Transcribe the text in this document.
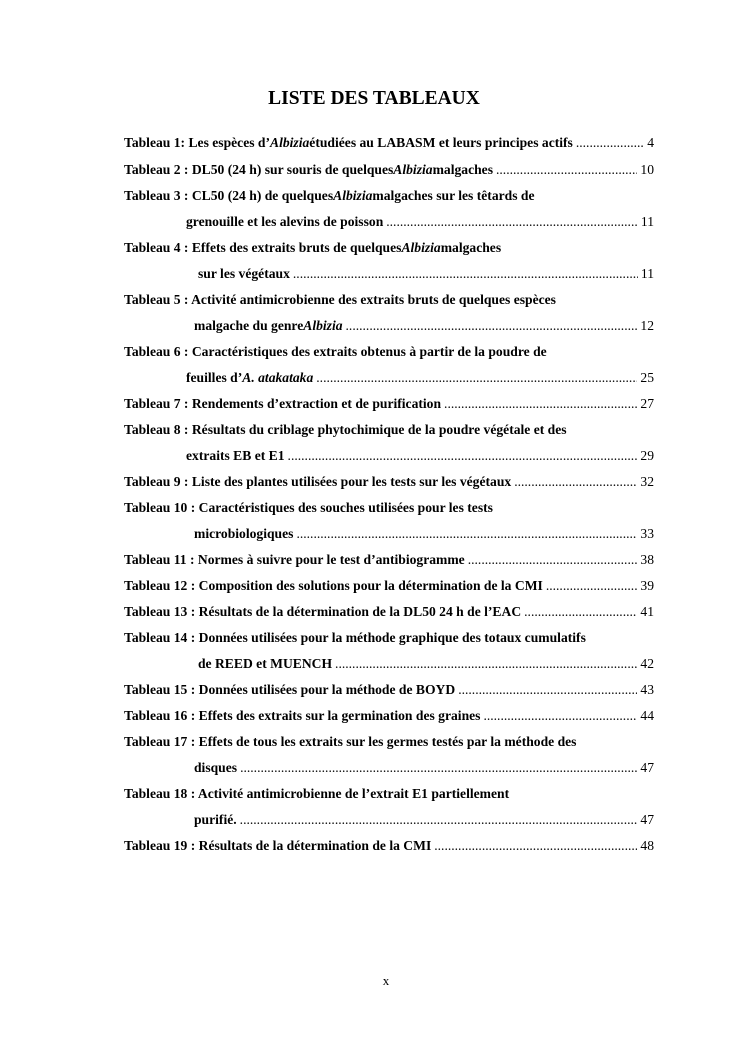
LISTE DES TABLEAUX
Tableau 1: Les espèces d’ Albizia étudiées au LABASM et leurs principes actifs .....	4
Tableau 2 : DL50 (24 h) sur souris de quelques Albizia malgaches .....	10
Tableau 3 : CL50 (24 h) de quelques Albizia malgaches sur les têtards de
grenouille et les alevins de poisson .....	11
Tableau 4 : Effets des extraits bruts de quelques Albizia malgaches
sur les végétaux .....	11
Tableau 5 : Activité antimicrobienne des extraits bruts de quelques espèces
malgache du genre Albizia .....	12
Tableau 6 : Caractéristiques des extraits obtenus à partir de la poudre de
feuilles d’ A. atakataka .....	25
Tableau 7 : Rendements d’extraction et de purification .....	27
Tableau 8 : Résultats du criblage phytochimique de la poudre végétale et des
extraits EB et E1 .....	29
Tableau 9 : Liste des plantes utilisées pour les tests sur les végétaux .....	32
Tableau 10 : Caractéristiques des souches utilisées pour les tests
microbiologiques .....	33
Tableau 11 : Normes à suivre pour le test d’antibiogramme .....	38
Tableau 12 : Composition des solutions pour la détermination de la CMI .....	39
Tableau 13 : Résultats de la détermination de la DL50 24 h de l’EAC .....	41
Tableau 14 : Données utilisées pour la méthode graphique des totaux cumulatifs
de REED et MUENCH .....	42
Tableau 15 : Données utilisées pour la méthode de BOYD .....	43
Tableau 16 : Effets des extraits sur la germination des graines .....	44
Tableau 17 : Effets de tous les extraits sur les germes testés par la méthode des
disques .....	47
Tableau 18 : Activité antimicrobienne de l’extrait E1 partiellement
purifié. .....	47
Tableau 19 : Résultats de la détermination de la CMI .....	48
x
